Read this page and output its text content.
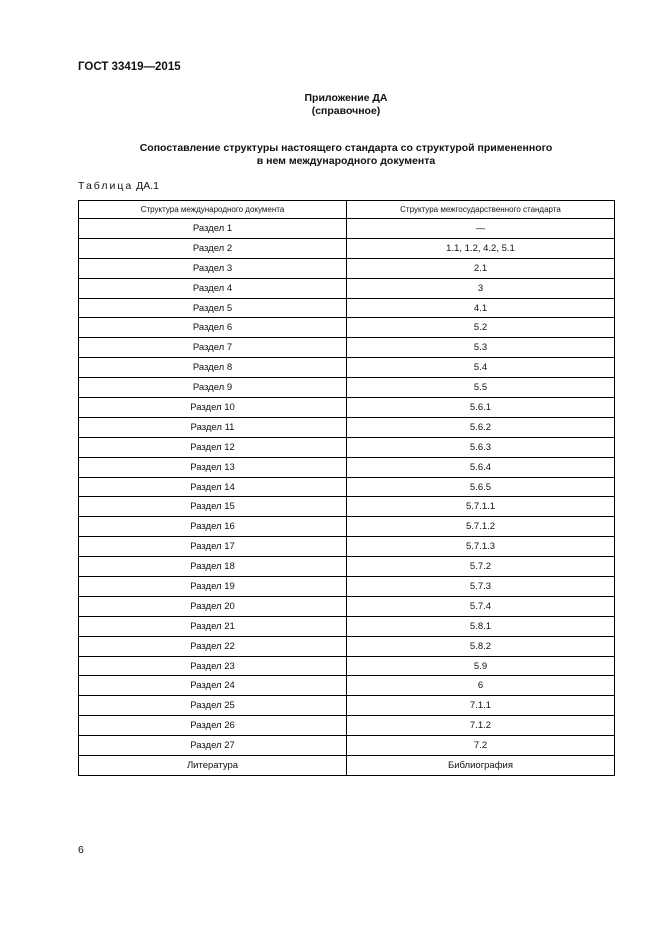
ГОСТ 33419—2015
Приложение ДА
(справочное)
Сопоставление структуры настоящего стандарта со структурой примененного
в нем международного документа
Таблица ДА.1
Структура международного документа	Структура межгосударственного стандарта
Раздел 1	—
Раздел 2	1.1, 1.2, 4.2, 5.1
Раздел 3	2.1
Раздел 4	3
Раздел 5	4.1
Раздел 6	5.2
Раздел 7	5.3
Раздел 8	5.4
Раздел 9	5.5
Раздел 10	5.6.1
Раздел 11	5.6.2
Раздел 12	5.6.3
Раздел 13	5.6.4
Раздел 14	5.6.5
Раздел 15	5.7.1.1
Раздел 16	5.7.1.2
Раздел 17	5.7.1.3
Раздел 18	5.7.2
Раздел 19	5.7.3
Раздел 20	5.7.4
Раздел 21	5.8.1
Раздел 22	5.8.2
Раздел 23	5.9
Раздел 24	6
Раздел 25	7.1.1
Раздел 26	7.1.2
Раздел 27	7.2
Литература	Библиография
6
